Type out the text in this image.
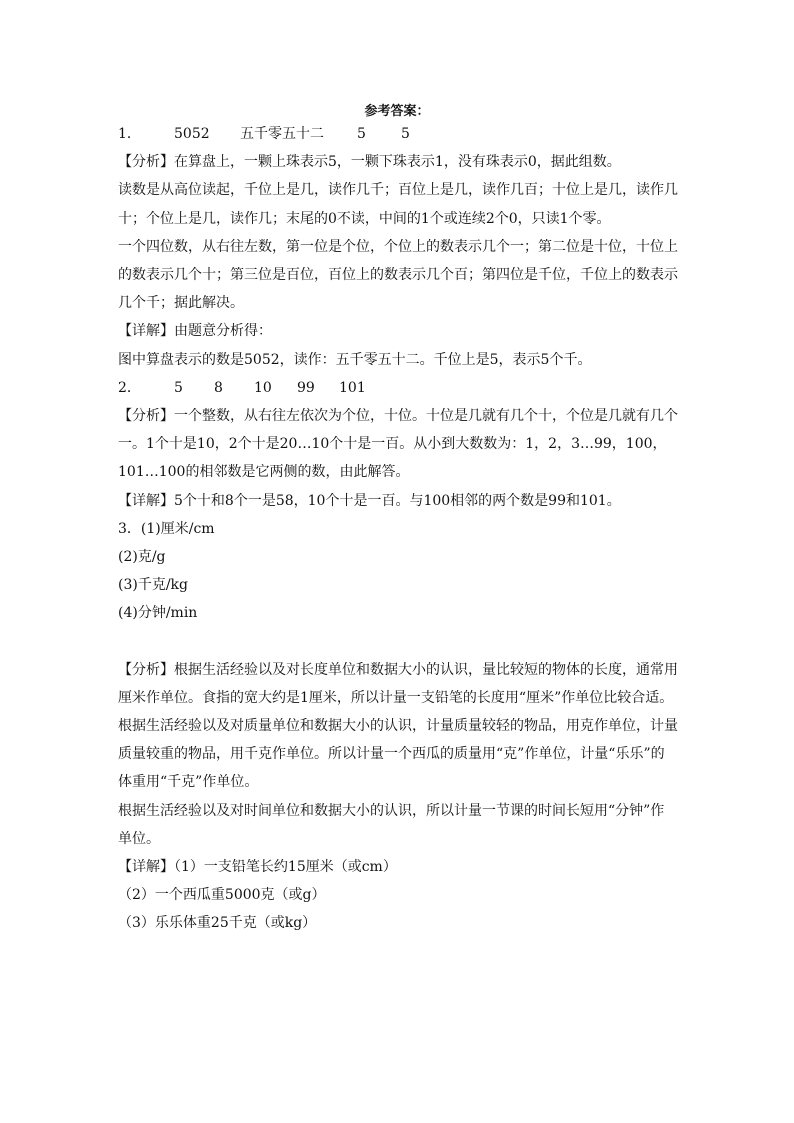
参考答案：
1．	5052	五千零五十二	5	5

【分析】在算盘上，一颗上珠表示5，一颗下珠表示1，没有珠表示0，据此组数。

读数是从高位读起，千位上是几，读作几千；百位上是几，读作几百；十位上是几，读作几十；个位上是几，读作几；末尾的0不读，中间的1个或连续2个0，只读1个零。

一个四位数，从右往左数，第一位是个位，个位上的数表示几个一；第二位是十位，十位上的数表示几个十；第三位是百位，百位上的数表示几个百；第四位是千位，千位上的数表示几个千；据此解决。

【详解】由题意分析得：

图中算盘表示的数是5052，读作：五千零五十二。千位上是5，表示5个千。

2．	5	8	10	99	101

【分析】一个整数，从右往左依次为个位，十位。十位是几就有几个十，个位是几就有几个一。1个十是10，2个十是20…10个十是一百。从小到大数数为：1，2，3…99，100，101…100的相邻数是它两侧的数，由此解答。

【详解】5个十和8个一是58，10个十是一百。与100相邻的两个数是99和101。

3． (1)厘米/cm

(2)克/g

(3)千克/kg

(4)分钟/min

【分析】根据生活经验以及对长度单位和数据大小的认识，量比较短的物体的长度，通常用厘米作单位。食指的宽大约是1厘米，所以计量一支铅笔的长度用“厘米”作单位比较合适。

根据生活经验以及对质量单位和数据大小的认识，计量质量较轻的物品，用克作单位，计量质量较重的物品，用千克作单位。所以计量一个西瓜的质量用“克”作单位，计量“乐乐”的体重用“千克”作单位。

根据生活经验以及对时间单位和数据大小的认识，所以计量一节课的时间长短用“分钟”作单位。

【详解】（1）一支铅笔长约15厘米（或cm）

（2）一个西瓜重5000克（或g）

（3）乐乐体重25千克（或kg）
